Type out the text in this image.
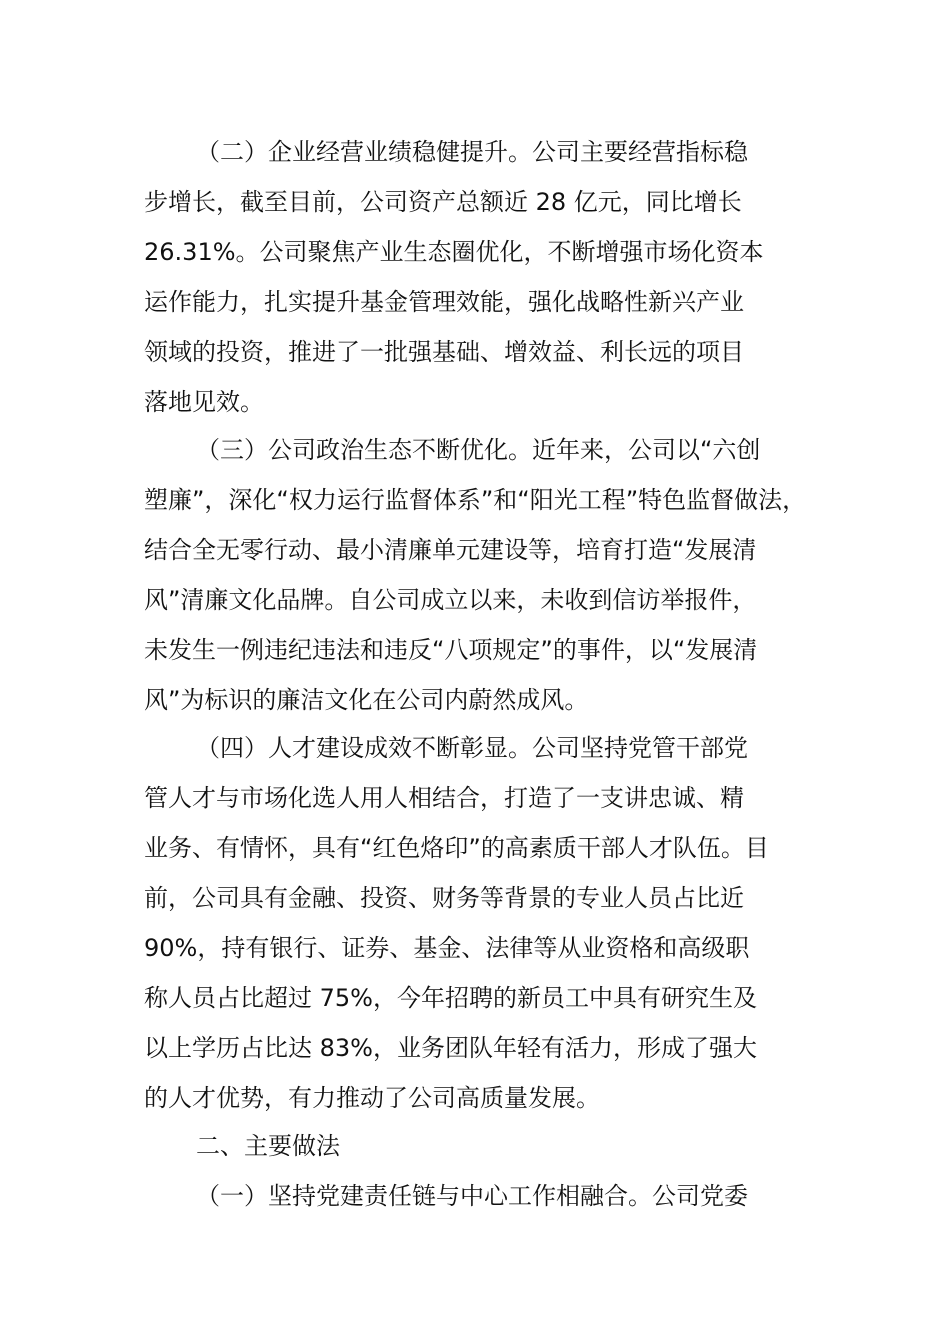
（二）企业经营业绩稳健提升。公司主要经营指标稳
步增长，截至目前，公司资产总额近 28 亿元，同比增长
26.31%。公司聚焦产业生态圈优化，不断增强市场化资本
运作能力，扎实提升基金管理效能，强化战略性新兴产业
领域的投资，推进了一批强基础、增效益、利长远的项目
落地见效。
（三）公司政治生态不断优化。近年来，公司以“六创
塑廉”，深化“权力运行监督体系”和“阳光工程”特色监督做法，
结合全无零行动、最小清廉单元建设等，培育打造“发展清
风”清廉文化品牌。自公司成立以来，未收到信访举报件，
未发生一例违纪违法和违反“八项规定”的事件，以“发展清
风”为标识的廉洁文化在公司内蔚然成风。
（四）人才建设成效不断彰显。公司坚持党管干部党
管人才与市场化选人用人相结合，打造了一支讲忠诚、精
业务、有情怀，具有“红色烙印”的高素质干部人才队伍。目
前，公司具有金融、投资、财务等背景的专业人员占比近
90%，持有银行、证券、基金、法律等从业资格和高级职
称人员占比超过 75%，今年招聘的新员工中具有研究生及
以上学历占比达 83%，业务团队年轻有活力，形成了强大
的人才优势，有力推动了公司高质量发展。
二、主要做法
（一）坚持党建责任链与中心工作相融合。公司党委
